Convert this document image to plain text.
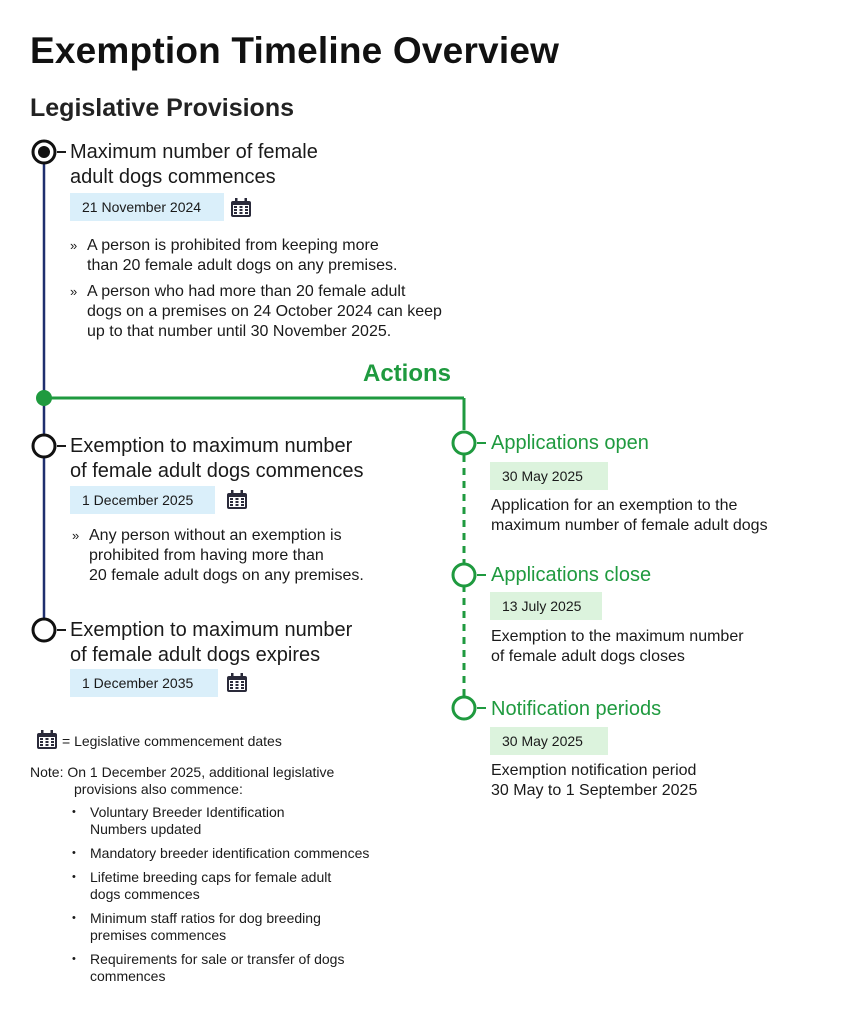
Exemption Timeline Overview
Legislative Provisions
Maximum number of female
adult dogs commences
21 November 2024
» A person is prohibited from keeping more
than 20 female adult dogs on any premises.
» A person who had more than 20 female adult
dogs on a premises on 24 October 2024 can keep
up to that number until 30 November 2025.
Actions
Exemption to maximum number
of female adult dogs commences
1 December 2025
» Any person without an exemption is
prohibited from having more than
20 female adult dogs on any premises.
Exemption to maximum number
of female adult dogs expires
1 December 2035
Applications open
30 May 2025
Application for an exemption to the
maximum number of female adult dogs
Applications close
13 July 2025
Exemption to the maximum number
of female adult dogs closes
Notification periods
30 May 2025
Exemption notification period
30 May to 1 September 2025
= Legislative commencement dates
Note: On 1 December 2025, additional legislative
provisions also commence:
• Voluntary Breeder Identification
Numbers updated
• Mandatory breeder identification commences
• Lifetime breeding caps for female adult
dogs commences
• Minimum staff ratios for dog breeding
premises commences
• Requirements for sale or transfer of dogs
commences
